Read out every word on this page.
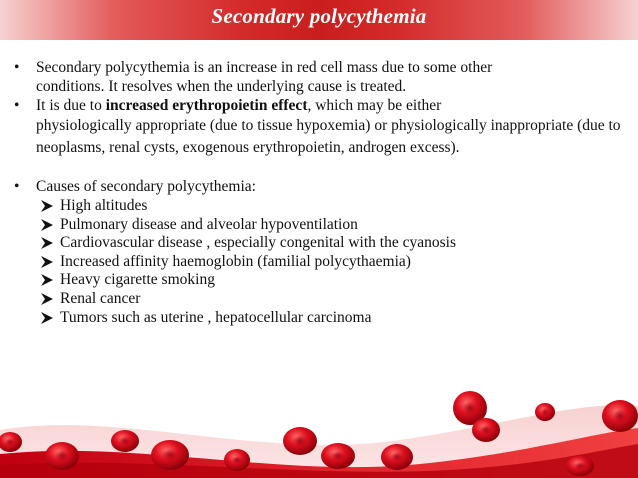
Secondary polycythemia
• Secondary polycythemia is an increase in red cell mass due to some other

conditions. It resolves when the underlying cause is treated.

• It is due to increased erythropoietin effect, which may be either

physiologically appropriate (due to tissue hypoxemia) or physiologically inappropriate (due to neoplasms, renal cysts, exogenous erythropoietin, androgen excess).

• Causes of secondary polycythemia:

High altitudes
Pulmonary disease and alveolar hypoventilation
Cardiovascular disease , especially congenital with the cyanosis
Increased affinity haemoglobin (familial polycythaemia)
Heavy cigarette smoking
Renal cancer
Tumors such as uterine , hepatocellular carcinoma
